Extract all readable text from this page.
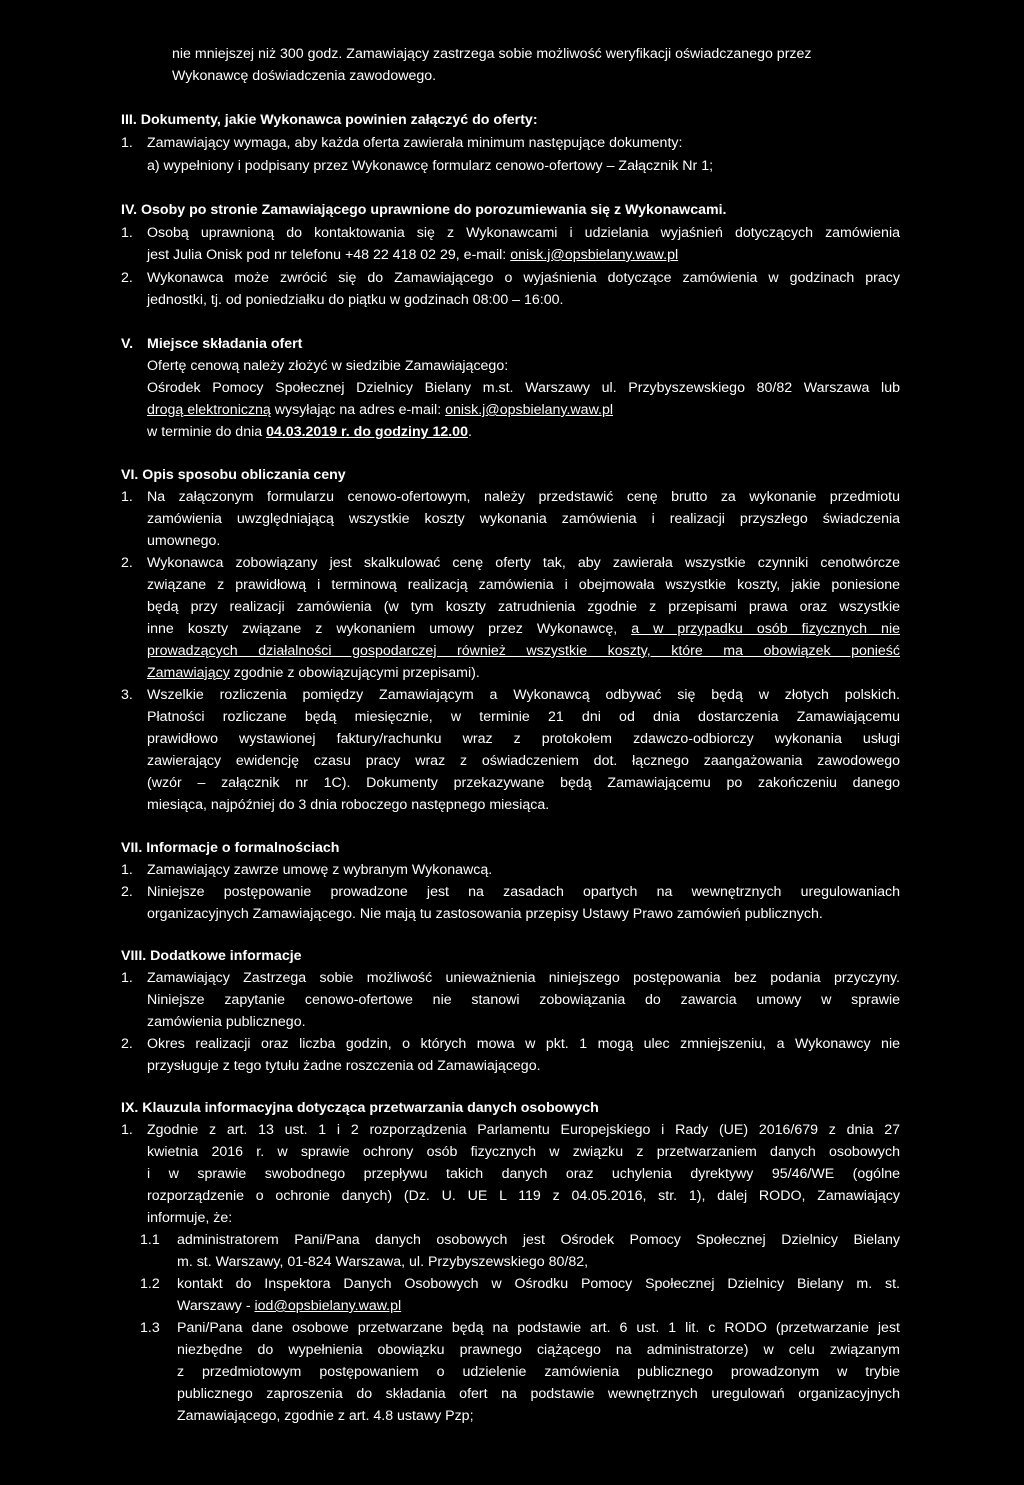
nie mniejszej niż 300 godz. Zamawiający zastrzega sobie możliwość weryfikacji oświadczanego przez
Wykonawcę doświadczenia zawodowego.
III. Dokumenty, jakie Wykonawca powinien załączyć do oferty:
1. Zamawiający wymaga, aby każda oferta zawierała minimum następujące dokumenty:
a) wypełniony i podpisany przez Wykonawcę formularz cenowo-ofertowy – Załącznik Nr 1;
IV. Osoby po stronie Zamawiającego uprawnione do porozumiewania się z Wykonawcami.
1. Osobą uprawnioną do kontaktowania się z Wykonawcami i udzielania wyjaśnień dotyczących zamówienia
jest Julia Onisk pod nr telefonu +48 22 418 02 29, e-mail: onisk.j@opsbielany.waw.pl
2. Wykonawca może zwrócić się do Zamawiającego o wyjaśnienia dotyczące zamówienia w godzinach pracy
jednostki, tj. od poniedziałku do piątku w godzinach 08:00 – 16:00.
V. Miejsce składania ofert
Ofertę cenową należy złożyć w siedzibie Zamawiającego:
Ośrodek Pomocy Społecznej Dzielnicy Bielany m.st. Warszawy ul. Przybyszewskiego 80/82 Warszawa lub
drogą elektroniczną wysyłając na adres e-mail: onisk.j@opsbielany.waw.pl
w terminie do dnia 04.03.2019 r. do godziny 12.00.
VI. Opis sposobu obliczania ceny
1. Na załączonym formularzu cenowo-ofertowym, należy przedstawić cenę brutto za wykonanie przedmiotu
zamówienia uwzględniającą wszystkie koszty wykonania zamówienia i realizacji przyszłego świadczenia
umownego.
2. Wykonawca zobowiązany jest skalkulować cenę oferty tak, aby zawierała wszystkie czynniki cenotwórcze
związane z prawidłową i terminową realizacją zamówienia i obejmowała wszystkie koszty, jakie poniesione
będą przy realizacji zamówienia (w tym koszty zatrudnienia zgodnie z przepisami prawa oraz wszystkie
inne koszty związane z wykonaniem umowy przez Wykonawcę, a w przypadku osób fizycznych nie
prowadzących działalności gospodarczej również wszystkie koszty, które ma obowiązek ponieść
Zamawiający zgodnie z obowiązującymi przepisami).
3. Wszelkie rozliczenia pomiędzy Zamawiającym a Wykonawcą odbywać się będą w złotych polskich.
Płatności rozliczane będą miesięcznie, w terminie 21 dni od dnia dostarczenia Zamawiającemu
prawidłowo wystawionej faktury/rachunku wraz z protokołem zdawczo-odbiorczy wykonania usługi
zawierający ewidencję czasu pracy wraz z oświadczeniem dot. łącznego zaangażowania zawodowego
(wzór – załącznik nr 1C). Dokumenty przekazywane będą Zamawiającemu po zakończeniu danego
miesiąca, najpóźniej do 3 dnia roboczego następnego miesiąca.
VII. Informacje o formalnościach
1. Zamawiający zawrze umowę z wybranym Wykonawcą.
2. Niniejsze postępowanie prowadzone jest na zasadach opartych na wewnętrznych uregulowaniach
organizacyjnych Zamawiającego. Nie mają tu zastosowania przepisy Ustawy Prawo zamówień publicznych.
VIII. Dodatkowe informacje
1. Zamawiający Zastrzega sobie możliwość unieważnienia niniejszego postępowania bez podania przyczyny.
Niniejsze zapytanie cenowo-ofertowe nie stanowi zobowiązania do zawarcia umowy w sprawie
zamówienia publicznego.
2. Okres realizacji oraz liczba godzin, o których mowa w pkt. 1 mogą ulec zmniejszeniu, a Wykonawcy nie
przysługuje z tego tytułu żadne roszczenia od Zamawiającego.
IX. Klauzula informacyjna dotycząca przetwarzania danych osobowych
1. Zgodnie z art. 13 ust. 1 i 2 rozporządzenia Parlamentu Europejskiego i Rady (UE) 2016/679 z dnia 27
kwietnia 2016 r. w sprawie ochrony osób fizycznych w związku z przetwarzaniem danych osobowych
i w sprawie swobodnego przepływu takich danych oraz uchylenia dyrektywy 95/46/WE (ogólne
rozporządzenie o ochronie danych) (Dz. U. UE L 119 z 04.05.2016, str. 1), dalej RODO, Zamawiający
informuje, że:
1.1 administratorem Pani/Pana danych osobowych jest Ośrodek Pomocy Społecznej Dzielnicy Bielany
m. st. Warszawy, 01-824 Warszawa, ul. Przybyszewskiego 80/82,
1.2 kontakt do Inspektora Danych Osobowych w Ośrodku Pomocy Społecznej Dzielnicy Bielany m. st.
Warszawy - iod@opsbielany.waw.pl
1.3 Pani/Pana dane osobowe przetwarzane będą na podstawie art. 6 ust. 1 lit. c RODO (przetwarzanie jest
niezbędne do wypełnienia obowiązku prawnego ciążącego na administratorze) w celu związanym
z przedmiotowym postępowaniem o udzielenie zamówienia publicznego prowadzonym w trybie
publicznego zaproszenia do składania ofert na podstawie wewnętrznych uregulowań organizacyjnych
Zamawiającego, zgodnie z art. 4.8 ustawy Pzp;
